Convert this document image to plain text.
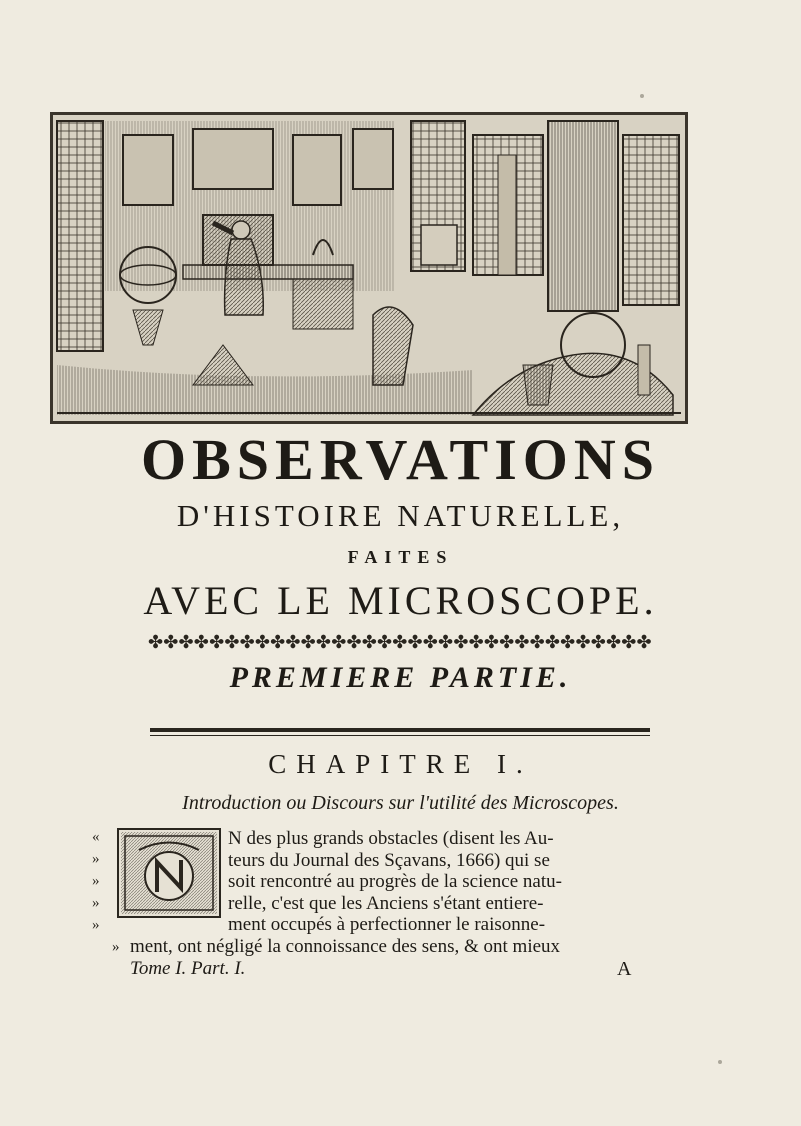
OBSERVATIONS
D'HISTOIRE NATURELLE,
FAITES
AVEC LE MICROSCOPE.
✤ ✤ ✤ ✤ ✤ ✤ ✤ ✤ ✤ ✤ ✤ ✤ ✤ ✤ ✤ ✤ ✤ ✤ ✤ ✤ ✤ ✤ ✤ ✤ ✤ ✤ ✤ ✤ ✤ ✤ ✤ ✤ ✤
PREMIERE PARTIE.
CHAPITRE I.
Introduction ou Discours sur l'utilité des Microscopes.
«
»
»
»
»
N des plus grands obstacles (disent les Au-
teurs du Journal des Sçavans, 1666) qui se
soit rencontré au progrès de la science natu-
relle, c'est que les Anciens s'étant entiere-
ment occupés à perfectionner le raisonne-
» ment, ont négligé la connoissance des sens, & ont mieux
Tome I. Part. I.	A
